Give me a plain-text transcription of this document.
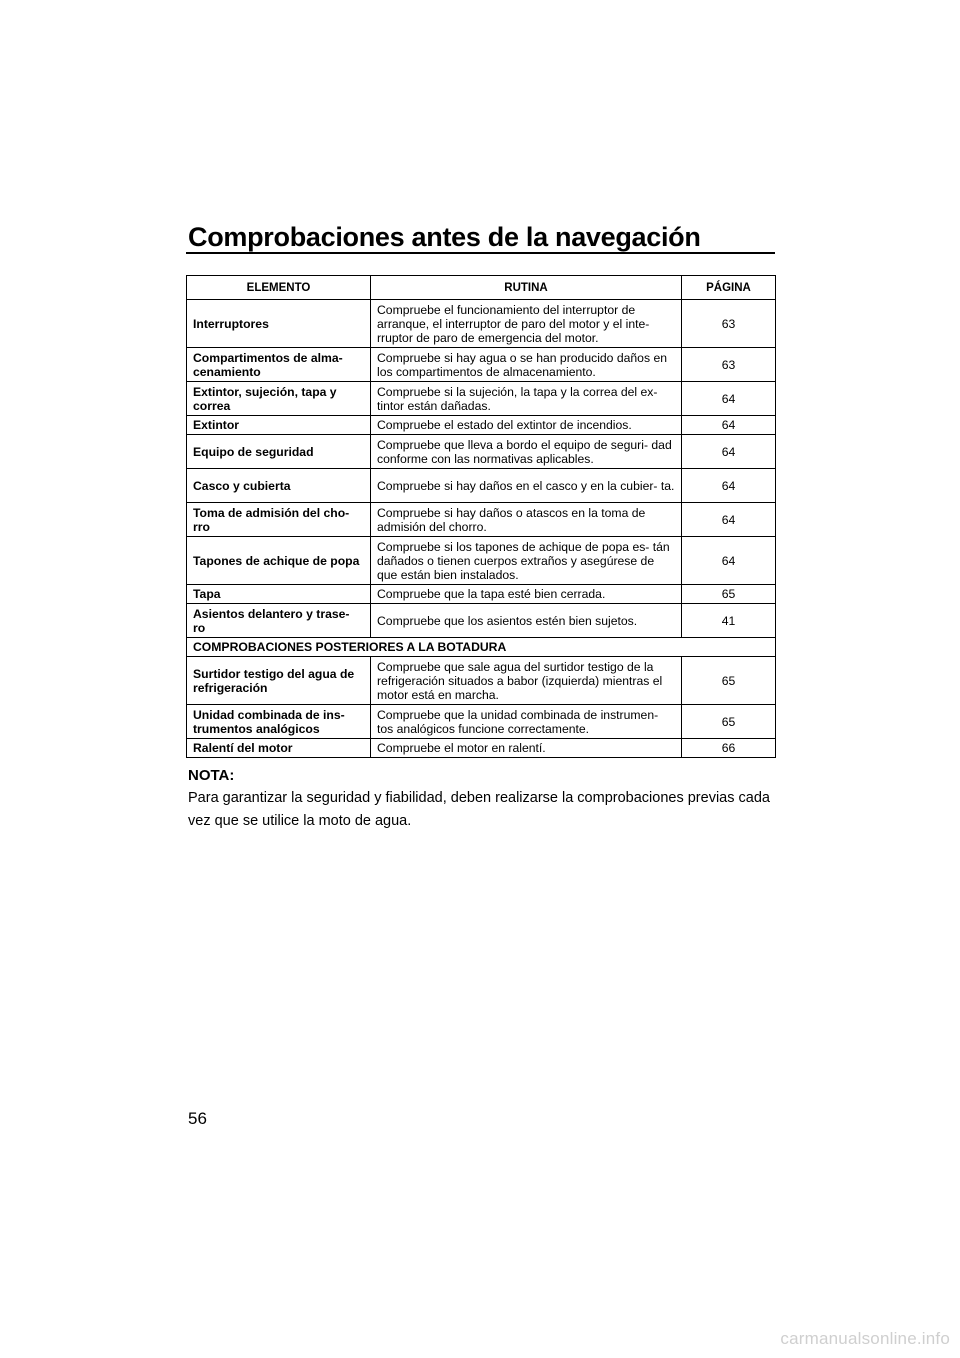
Comprobaciones antes de la navegación
ELEMENTO	RUTINA	PÁGINA
Interruptores	Compruebe el funcionamiento del interruptor de arranque, el interruptor de paro del motor y el inte- rruptor de paro de emergencia del motor.	63
Compartimentos de alma- cenamiento	Compruebe si hay agua o se han producido daños en los compartimentos de almacenamiento.	63
Extintor, sujeción, tapa y correa	Compruebe si la sujeción, la tapa y la correa del ex- tintor están dañadas.	64
Extintor	Compruebe el estado del extintor de incendios.	64
Equipo de seguridad	Compruebe que lleva a bordo el equipo de seguri- dad conforme con las normativas aplicables.	64
Casco y cubierta	Compruebe si hay daños en el casco y en la cubier- ta.	64
Toma de admisión del cho- rro	Compruebe si hay daños o atascos en la toma de admisión del chorro.	64
Tapones de achique de popa	Compruebe si los tapones de achique de popa es- tán dañados o tienen cuerpos extraños y asegúrese de que están bien instalados.	64
Tapa	Compruebe que la tapa esté bien cerrada.	65
Asientos delantero y trase- ro	Compruebe que los asientos estén bien sujetos.	41
COMPROBACIONES POSTERIORES A LA BOTADURA		
Surtidor testigo del agua de refrigeración	Compruebe que sale agua del surtidor testigo de la refrigeración situados a babor (izquierda) mientras el motor está en marcha.	65
Unidad combinada de ins- trumentos analógicos	Compruebe que la unidad combinada de instrumen- tos analógicos funcione correctamente.	65
Ralentí del motor	Compruebe el motor en ralentí.	66
NOTA:
Para garantizar la seguridad y fiabilidad, deben realizarse la comprobaciones previas cada vez que se utilice la moto de agua.
56
carmanualsonline.info
